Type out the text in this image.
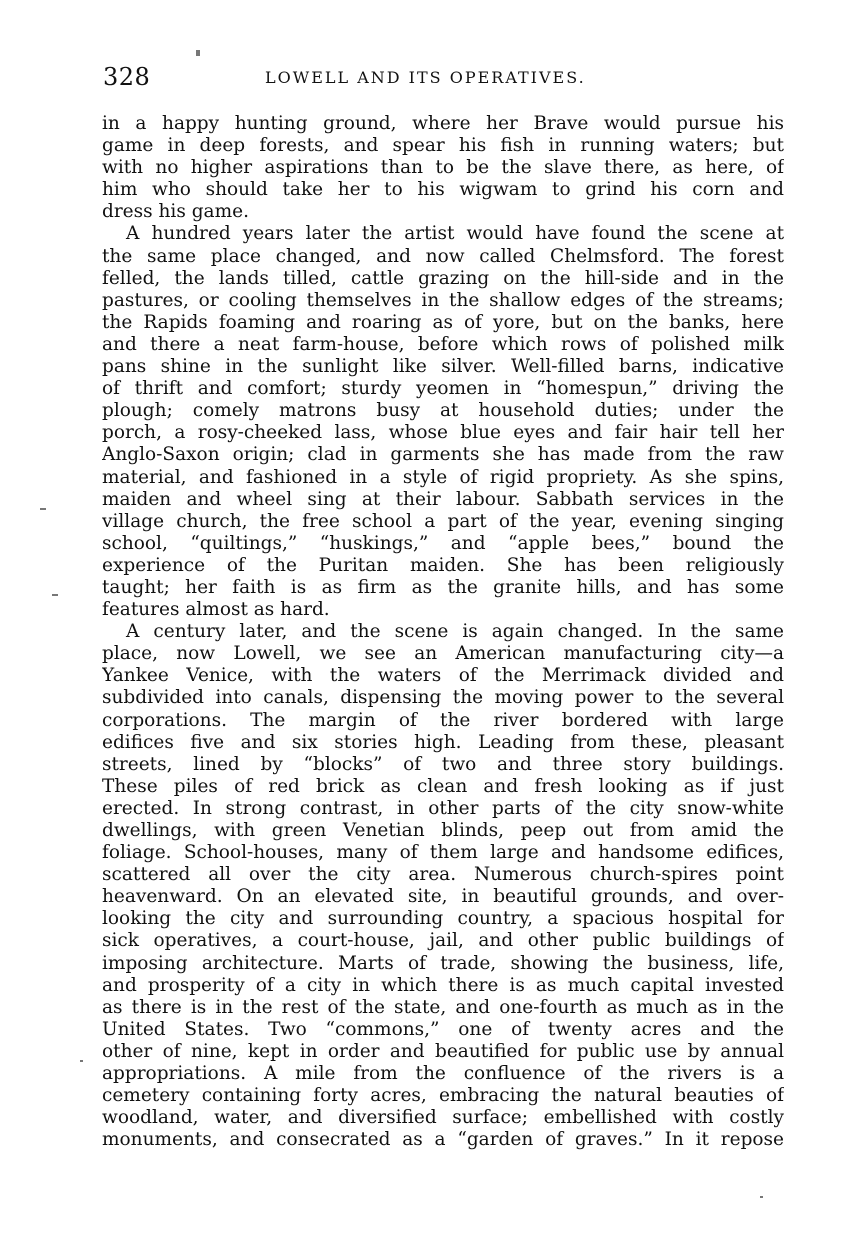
328	LOWELL AND ITS OPERATIVES.
in a happy hunting ground, where her Brave would pursue his
game in deep forests, and spear his fish in running waters; but
with no higher aspirations than to be the slave there, as here, of
him who should take her to his wigwam to grind his corn and
dress his game.
A hundred years later the artist would have found the scene at
the same place changed, and now called Chelmsford. The forest
felled, the lands tilled, cattle grazing on the hill-side and in the
pastures, or cooling themselves in the shallow edges of the streams;
the Rapids foaming and roaring as of yore, but on the banks, here
and there a neat farm-house, before which rows of polished milk
pans shine in the sunlight like silver. Well-filled barns, indicative
of thrift and comfort; sturdy yeomen in “homespun,” driving the
plough; comely matrons busy at household duties; under the
porch, a rosy-cheeked lass, whose blue eyes and fair hair tell her
Anglo-Saxon origin; clad in garments she has made from the raw
material, and fashioned in a style of rigid propriety. As she spins,
maiden and wheel sing at their labour. Sabbath services in the
village church, the free school a part of the year, evening singing
school, “quiltings,” “huskings,” and “apple bees,” bound the
experience of the Puritan maiden. She has been religiously
taught; her faith is as firm as the granite hills, and has some
features almost as hard.
A century later, and the scene is again changed. In the same
place, now Lowell, we see an American manufacturing city—a
Yankee Venice, with the waters of the Merrimack divided and
subdivided into canals, dispensing the moving power to the several
corporations. The margin of the river bordered with large
edifices five and six stories high. Leading from these, pleasant
streets, lined by “blocks” of two and three story buildings.
These piles of red brick as clean and fresh looking as if just
erected. In strong contrast, in other parts of the city snow-white
dwellings, with green Venetian blinds, peep out from amid the
foliage. School-houses, many of them large and handsome edifices,
scattered all over the city area. Numerous church-spires point
heavenward. On an elevated site, in beautiful grounds, and over-
looking the city and surrounding country, a spacious hospital for
sick operatives, a court-house, jail, and other public buildings of
imposing architecture. Marts of trade, showing the business, life,
and prosperity of a city in which there is as much capital invested
as there is in the rest of the state, and one-fourth as much as in the
United States. Two “commons,” one of twenty acres and the
other of nine, kept in order and beautified for public use by annual
appropriations. A mile from the confluence of the rivers is a
cemetery containing forty acres, embracing the natural beauties of
woodland, water, and diversified surface; embellished with costly
monuments, and consecrated as a “garden of graves.” In it repose
